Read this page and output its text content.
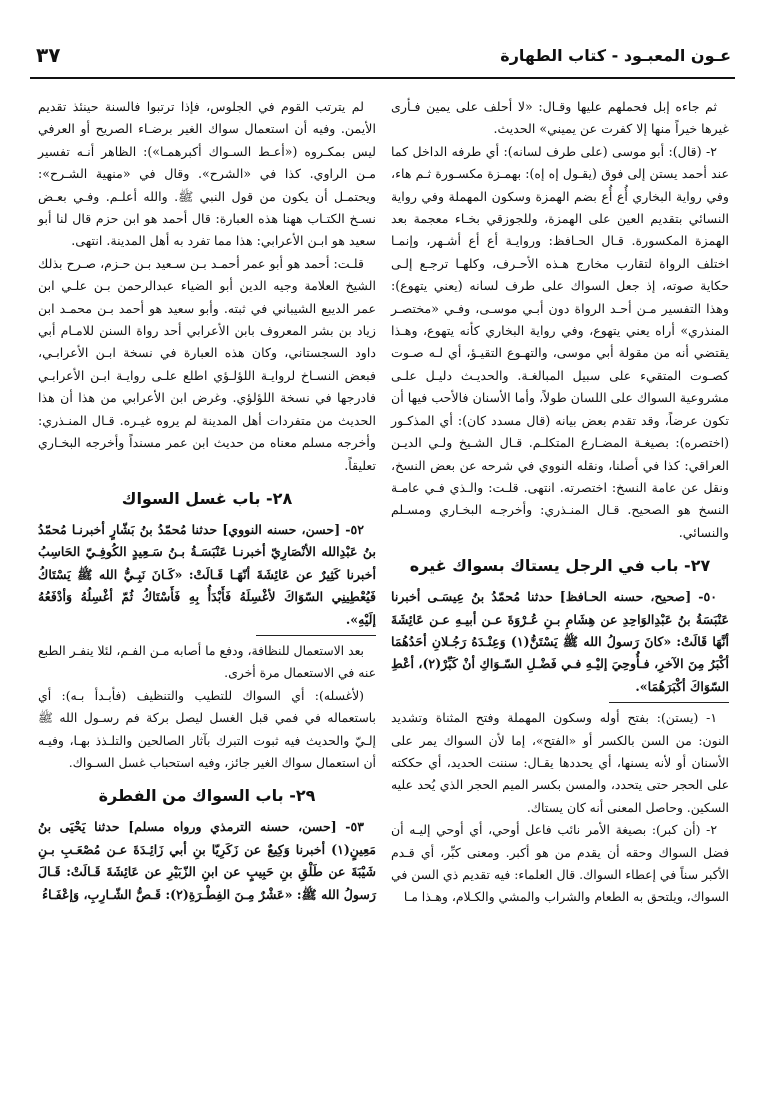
٣٧	عـون المعبـود - كتاب الطهارة

ثم جاءه إبل فحملهم عليها وقـال: «لا أحلف على يمين فـأرى غيرها خيراً منها إلا كفرت عن يميني» الحديث.

٢- (قال): أبو موسى (على طرف لسانه): أي طرفه الداخل كما عند أحمد يستن إلى فوق (يقـول إه إه): بهمـزة مكسـورة ثـم هاء، وفي رواية البخاري أُع أُع بضم الهمزة وسكون المهملة وفي رواية النسائي بتقديم العين على الهمزة، وللجوزقي بخـاء معجمة بعد الهمزة المكسورة. قـال الحـافظ: وروايـة أع أع أشـهر، وإنمـا اختلف الرواة لتقارب مخارج هـذه الأحـرف، وكلهـا ترجـع إلـى حكاية صوته، إذ جعل السواك على طرف لسانه (يعني يتهوع): وهذا التفسير مـن أحـد الرواة دون أبـي موسـى، وفـي «مختصـر المنذري» أراه يعني يتهوع، وفي رواية البخاري كأنه يتهوع، وهـذا يقتضي أنه من مقولة أبي موسى، والتهـوع التقيـؤ، أي لـه صـوت كصـوت المتقيء على سبيل المبالغـة. والحديـث دليـل علـى مشروعية السواك على اللسان طولاً، وأما الأسنان فالأحب فيها أن تكون عرضاً، وقد تقدم بعض بيانه (قال مسدد كان): أي المذكـور (اختصره): بصيغـة المضـارع المتكلـم. قـال الشـيخ ولـي الديـن العراقي: كذا في أصلنا، ونقله النووي في شرحه عن بعض النسخ، ونقل عن عامة النسخ: اختصرته. انتهى. قلـت: والـذي فـي عامـة النسخ هو الصحيح. قـال المنـذري: وأخرجـه البخـاري ومسـلم والنسائي.

٢٧- باب في الرجل يستاك بسواك غيره

٥٠- [صحيح، حسنه الحـافظ] حدثنا مُحمّدُ بنُ عِيسَـى أخبرنا عَنْبَسَةُ بنُ عَبْدِالوَاحِدِ عن هِشَامِ بـنِ عُـرْوَةَ عـن أبيـهِ عـن عَائِشَةَ أنَّهَا قَالَتْ: «كانَ رَسولُ الله ﷺ يَسْتَنُّ(١) وَعِنْـدَهُ رَجُـلانِ أحَدُهُمَا أكْبَرُ مِنَ الآخرِ، فـأُوحِيَ إليْـهِ فـي فَضْـلِ السّـوَاكِ أنْ كَبِّرْ(٢)، أعْطِ السّوَاكَ أكْبَرَهُمَا».

١- (يستن): بفتح أوله وسكون المهملة وفتح المثناة وتشديد النون: من السن بالكسر أو «الفتح»، إما لأن السواك يمر على الأسنان أو لأنه يسنها، أي يحددها يقـال: سننت الحديد، أي حككته على الحجر حتى يتحدد، والمسن بكسر الميم الحجر الذي يُحد عليه السكين. وحاصل المعنى أنه كان يستاك.

٢- (أن كبر): بصيغة الأمر نائب فاعل أوحي، أي أوحي إليـه أن فضل السواك وحقه أن يقدم من هو أكبر. ومعنى كبِّر، أي قـدم الأكبر سناً في إعطاء السواك. قال العلماء: فيه تقديم ذي السن في السواك، ويلتحق به الطعام والشراب والمشي والكـلام، وهـذا مـا

لم يترتب القوم في الجلوس، فإذا ترتبوا فالسنة حينئذ تقديم الأيمن. وفيه أن استعمال سواك الغير برضـاء الصريح أو العرفي ليس بمكـروه («أعـط السـواك أكبرهمـا»): الظاهر أنـه تفسير مـن الراوي. كذا في «الشرح». وقال في «منهية الشـرح»: ويحتمـل أن يكون من قول النبي ﷺ. والله أعلـم. وفـي بعـض نسـخ الكتـاب ههنا هذه العبارة: قال أحمد هو ابن حزم قال لنا أبو سعيد هو ابـن الأعرابي: هذا مما تفرد به أهل المدينة. انتهى.

قلـت: أحمد هو أبو عمر أحمـد بـن سـعيد بـن حـزم، صـرح بذلك الشيخ العلامة وجيه الدين أبو الضياء عبدالرحمن بـن علـي ابن عمر الديبع الشيباني في ثبته. وأبو سعيد هو أحمد بـن محمـد ابن زياد بن بشر المعروف بابن الأعرابي أحد رواة السنن للامـام أبي داود السجستاني، وكان هذه العبارة في نسخة ابـن الأعرابـي، فبعض النسـاخ لروايـة اللؤلـؤي اطلع علـى روايـة ابـن الأعرابـي فادرجها في نسخة اللؤلؤي. وغرض ابن الأعرابي من هذا أن هذا الحديث من متفردات أهل المدينة لم يروه غيـره. قـال المنـذري: وأخرجه مسلم معناه من حديث ابن عمر مسنداً وأخرجه البخـاري تعليقاً.

٢٨- باب غسل السواك

٥٢- [حسن، حسنه النووي] حدثنا مُحمّدُ بنُ بَشّارٍ أخبرنـا مُحمّدُ بنُ عَبْدِالله الأنْصَارِيّ أخبرنـا عَنْبَسَـةُ بـنُ سَـعِيدٍ الكُوفِـيّ الحَاسِبُ أخبرنا كَثِيرٌ عن عَائِشَةَ أنّهَـا قَـالَتْ: «كَـانَ نَبِـيُّ الله ﷺ يَسْتَاكُ فَيُعْطِينِي السّوَاكَ لأغْسِلَهُ فَأَبْدَأُ بِهِ فَأَسْتَاكُ ثُمّ أغْسِلُهُ وَأدْفَعُهُ إلَيْهِ».

بعد الاستعمال للنظافة، ودفع ما أصابه مـن الفـم، لئلا ينفـر الطبع عنه في الاستعمال مرة أخرى.

(لأغسله): أي السواك للتطيب والتنظيف (فأبـدأ بـه): أي باستعماله في فمي قبل الغسل ليصل بركة فم رسـول الله ﷺ إلـيّ والحديث فيه ثبوت التبرك بآثار الصالحين والتلـذذ بهـا، وفيـه أن استعمال سواك الغير جائز، وفيه استحباب غسل السـواك.

٢٩- باب السواك من الفطرة

٥٣- [حسن، حسنه الترمذي ورواه مسلم] حدثنا يَحْيَى بنُ مَعِينٍ(١) أخبرنا وَكِيعٌ عن زَكَرِيّا بنِ أبي زَائِـدَةَ عـن مُصْعَـبِ بـنِ شَيْبَةَ عن طَلْقِ بنِ حَبِيبٍ عن ابنِ الزّبَيْرِ عن عَائِشَةَ قَـالَتْ: قَـالَ رَسولُ الله ﷺ: «عَشْرٌ مِـنَ الفِطْـرَةِ(٢): قَـصُّ الشّـارِبِ، وَإعْفَـاءُ
